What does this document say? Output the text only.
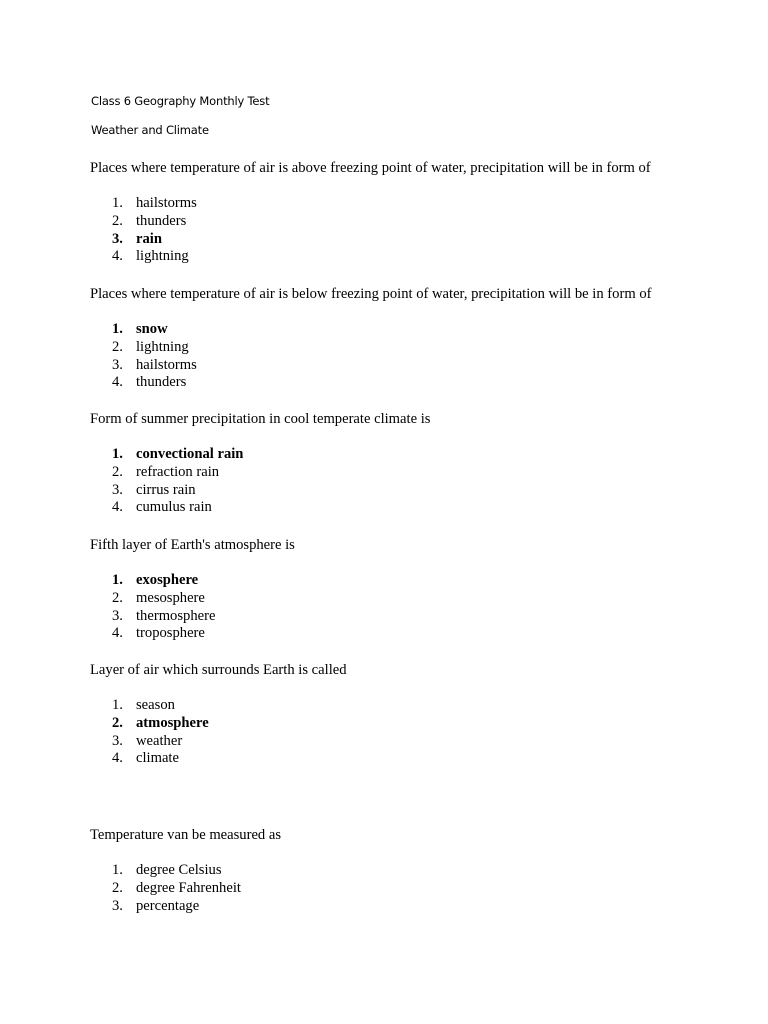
Class 6 Geography Monthly Test
Weather and Climate
Places where temperature of air is above freezing point of water, precipitation will be in form of
1. hailstorms
2. thunders
3. rain
4. lightning
Places where temperature of air is below freezing point of water, precipitation will be in form of
1. snow
2. lightning
3. hailstorms
4. thunders
Form of summer precipitation in cool temperate climate is
1. convectional rain
2. refraction rain
3. cirrus rain
4. cumulus rain
Fifth layer of Earth's atmosphere is
1. exosphere
2. mesosphere
3. thermosphere
4. troposphere
Layer of air which surrounds Earth is called
1. season
2. atmosphere
3. weather
4. climate
Temperature van be measured as
1. degree Celsius
2. degree Fahrenheit
3. percentage
